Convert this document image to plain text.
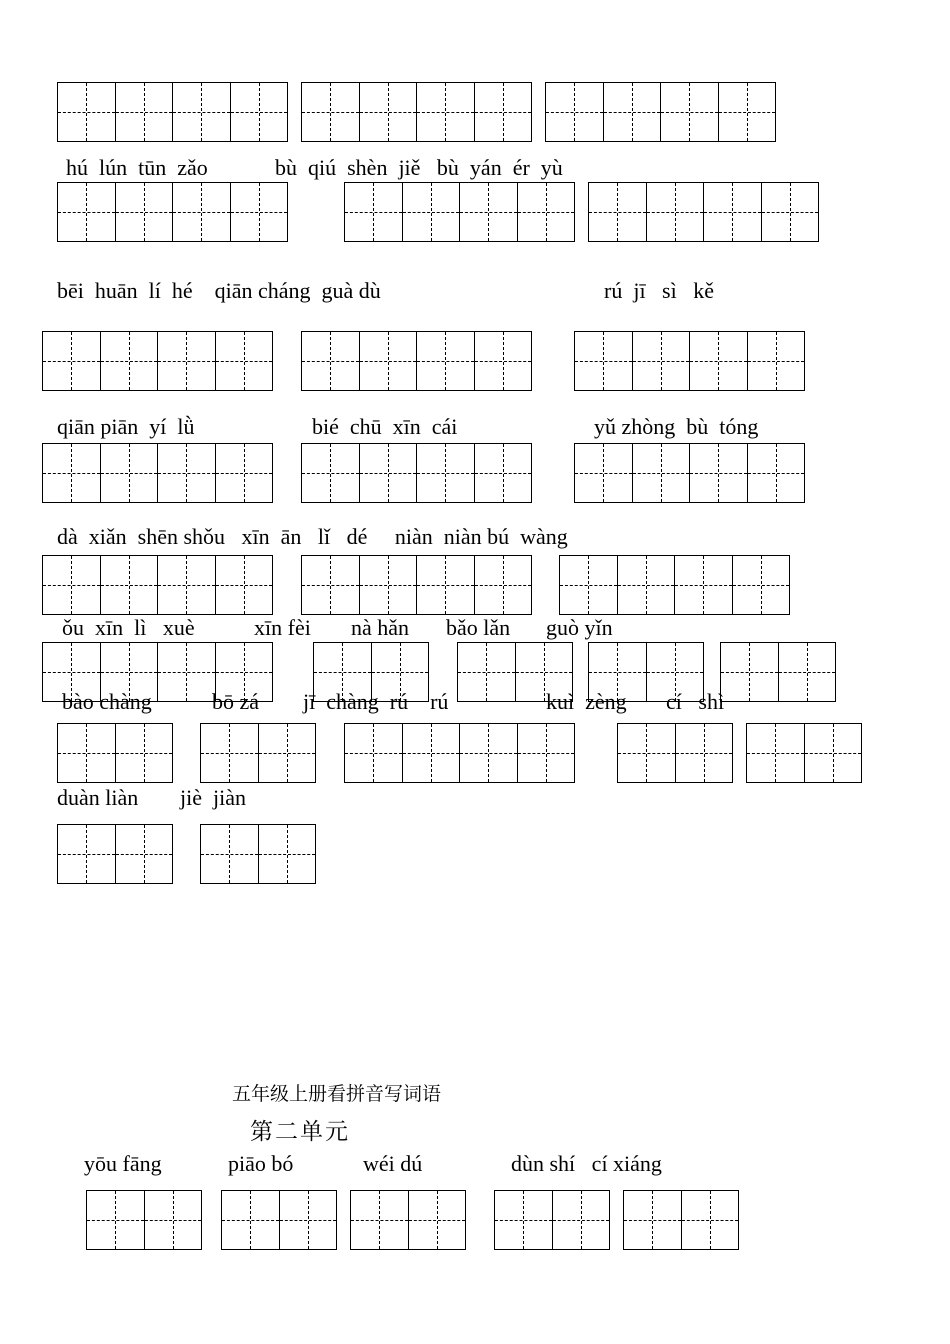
hú  lún  tūn  zǎo	bù  qiú  shèn  jiě   bù  yán  ér  yù
bēi  huān  lí  hé    qiān cháng  guà dù	rú  jī   sì   kě
qiān piān  yí  lǜ	bié  chū  xīn  cái	yǔ zhòng  bù  tóng
dà  xiǎn  shēn shǒu   xīn  ān   lǐ   dé     niàn  niàn bú  wàng
ǒu  xīn  lì   xuè	xīn fèi nà hǎn bǎo lǎn guò yǐn
bào chàng	bō zá jī  chàng  rú    rú	kuì  zèng cí   shì
duàn liàn jiè  jiàn
五年级上册看拼音写词语
第二单元
yōu fāng	piāo bó	wéi dú	dùn shí   cí xiáng
